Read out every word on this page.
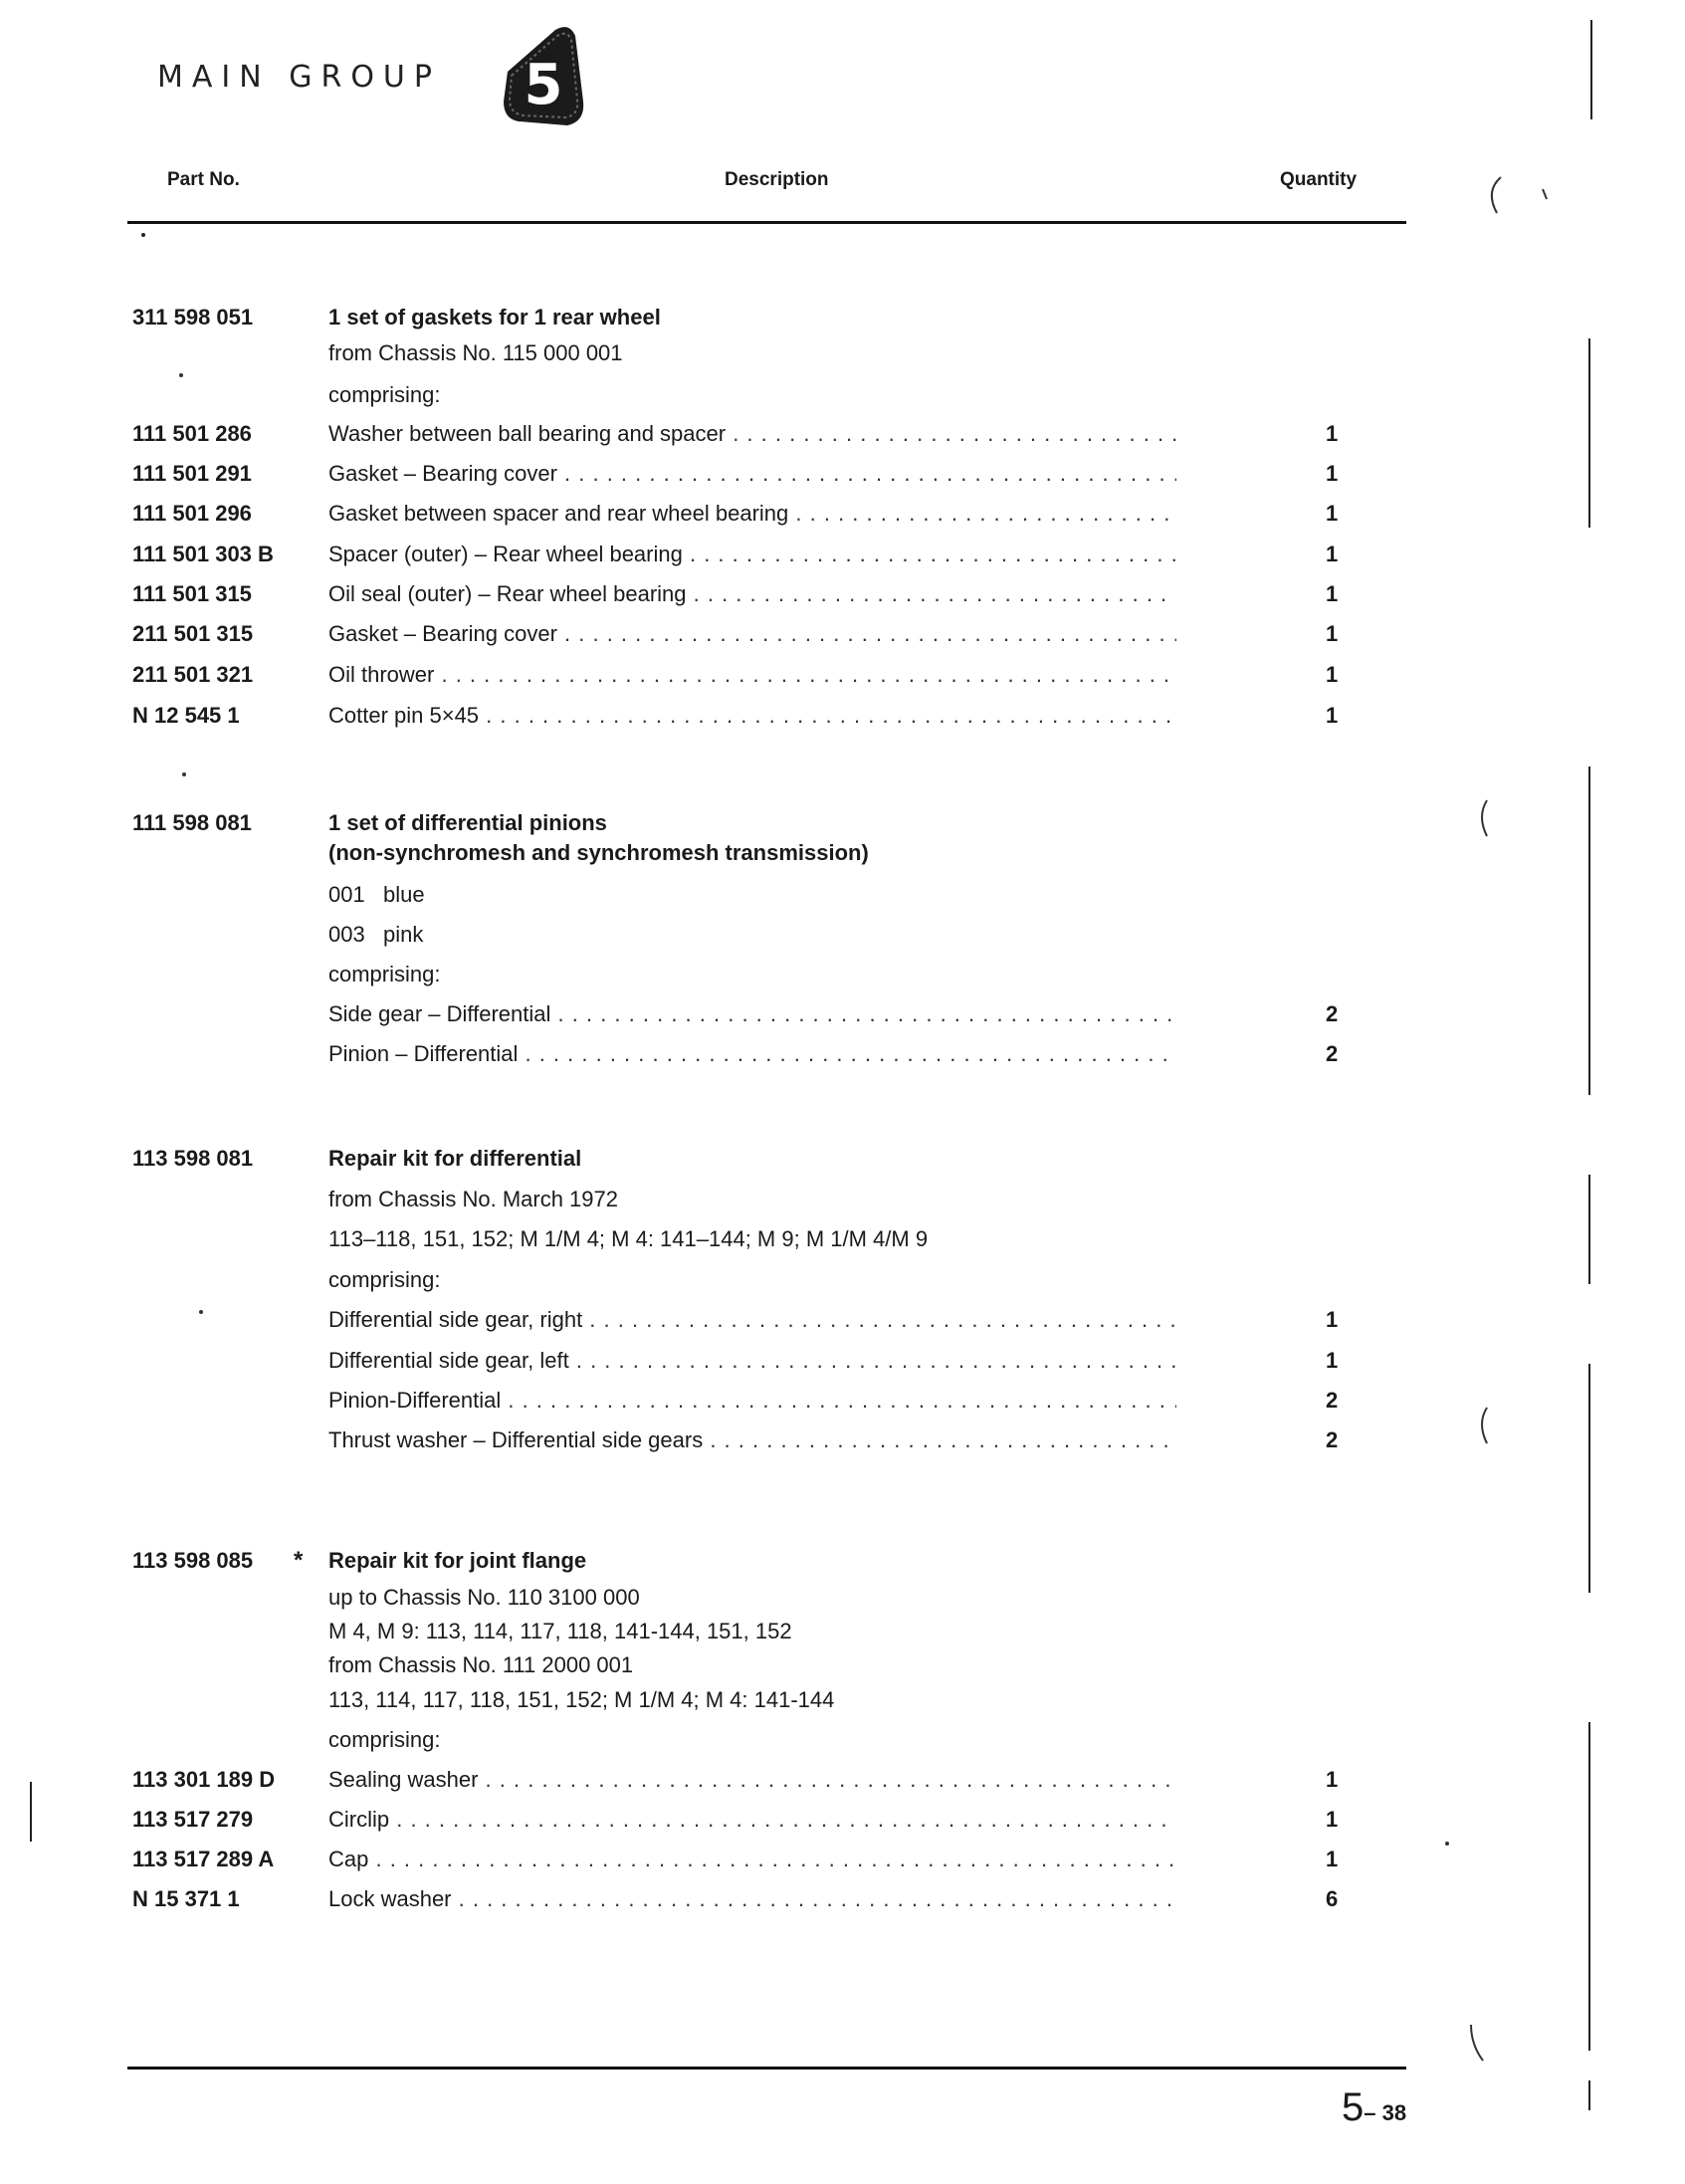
MAIN GROUP 5
Part No.	Description	Quantity
311 598 051	1 set of gaskets for 1 rear wheel
from Chassis No. 115 000 001
comprising:
111 501 286	Washer between ball bearing and spacer . . .	1
111 501 291	Gasket – Bearing cover . . .	1
111 501 296	Gasket between spacer and rear wheel bearing . . .	1
111 501 303 B	Spacer (outer) – Rear wheel bearing . . .	1
111 501 315	Oil seal (outer) – Rear wheel bearing . . .	1
211 501 315	Gasket – Bearing cover . . .	1
211 501 321	Oil thrower . . .	1
N 12 545 1	Cotter pin 5×45 . . .	1
111 598 081	1 set of differential pinions
(non-synchromesh and synchromesh transmission)
001   blue
003   pink
comprising:
Side gear – Differential . . .	2
Pinion – Differential . . .	2
113 598 081	Repair kit for differential
from Chassis No. March 1972
113–118, 151, 152; M 1/M 4; M 4: 141–144; M 9; M 1/M 4/M 9
comprising:
Differential side gear, right . . .	1
Differential side gear, left . . .	1
Pinion-Differential . . .	2
Thrust washer – Differential side gears . . .	2
113 598 085 * Repair kit for joint flange
up to Chassis No. 110 3100 000
M 4, M 9: 113, 114, 117, 118, 141-144, 151, 152
from Chassis No. 111 2000 001
113, 114, 117, 118, 151, 152; M 1/M 4; M 4: 141-144
comprising:
113 301 189 D Sealing washer . . .	1
113 517 279	Circlip . . .	1
113 517 289 A Cap . . .	1
N 15 371 1	Lock washer . . .	6
5– 38
